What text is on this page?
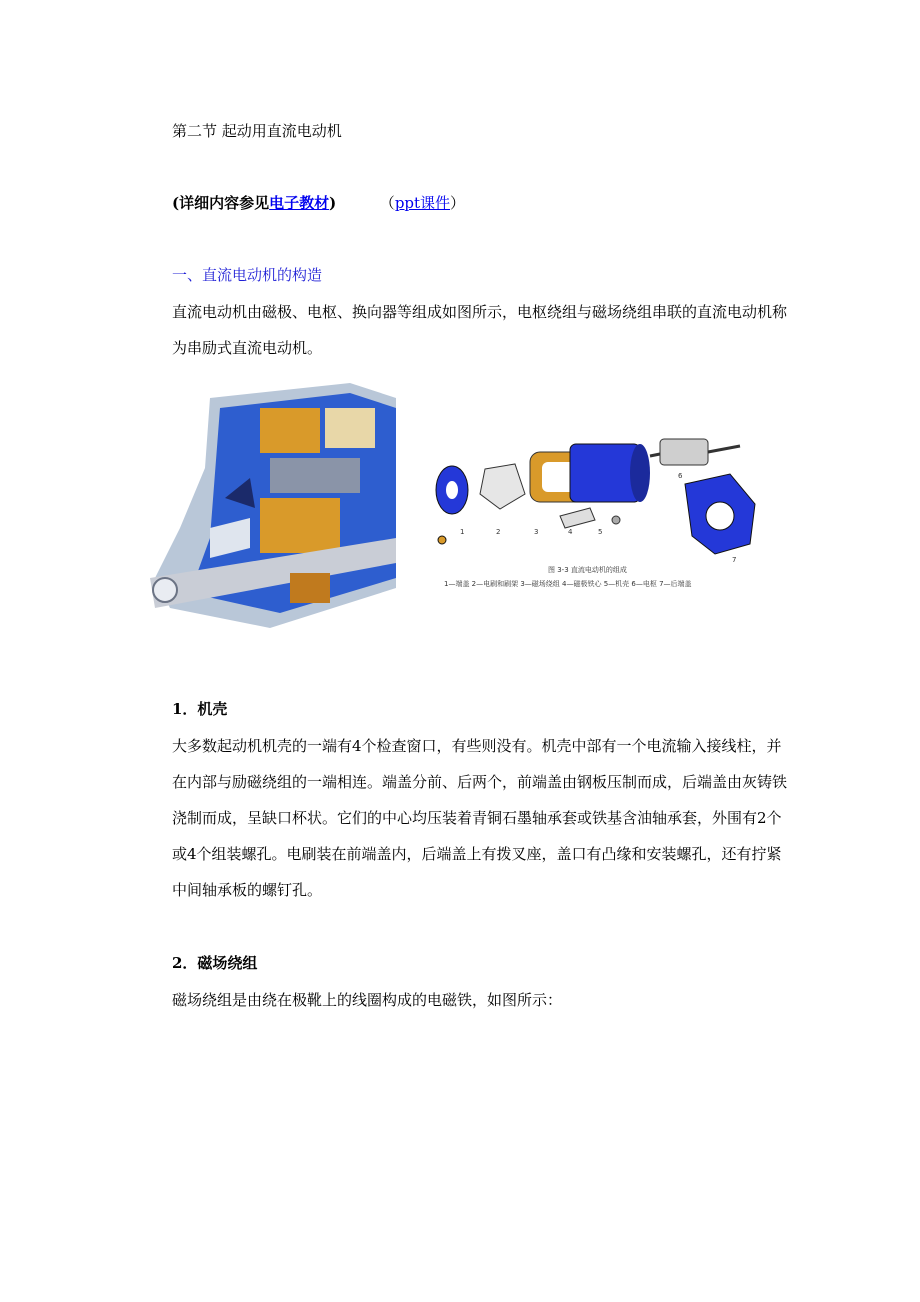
第二节 起动用直流电动机
(详细内容参见电子教材)	（ppt课件）
一、直流电动机的构造
直流电动机由磁极、电枢、换向器等组成如图所示，电枢绕组与磁场绕组串联的直流电动机称为串励式直流电动机。
1	2	3	4	5
6
7
图 3-3 直流电动机的组成
1—端盖 2—电刷和刷架 3—磁场绕组 4—磁极铁心 5—机壳 6—电枢 7—后端盖
1．机壳
大多数起动机机壳的一端有4个检查窗口，有些则没有。机壳中部有一个电流输入接线柱，并在内部与励磁绕组的一端相连。端盖分前、后两个，前端盖由钢板压制而成，后端盖由灰铸铁浇制而成，呈缺口杯状。它们的中心均压装着青铜石墨轴承套或铁基含油轴承套，外围有2个或4个组装螺孔。电刷装在前端盖内，后端盖上有拨叉座，盖口有凸缘和安装螺孔，还有拧紧中间轴承板的螺钉孔。
2．磁场绕组
磁场绕组是由绕在极靴上的线圈构成的电磁铁，如图所示：
